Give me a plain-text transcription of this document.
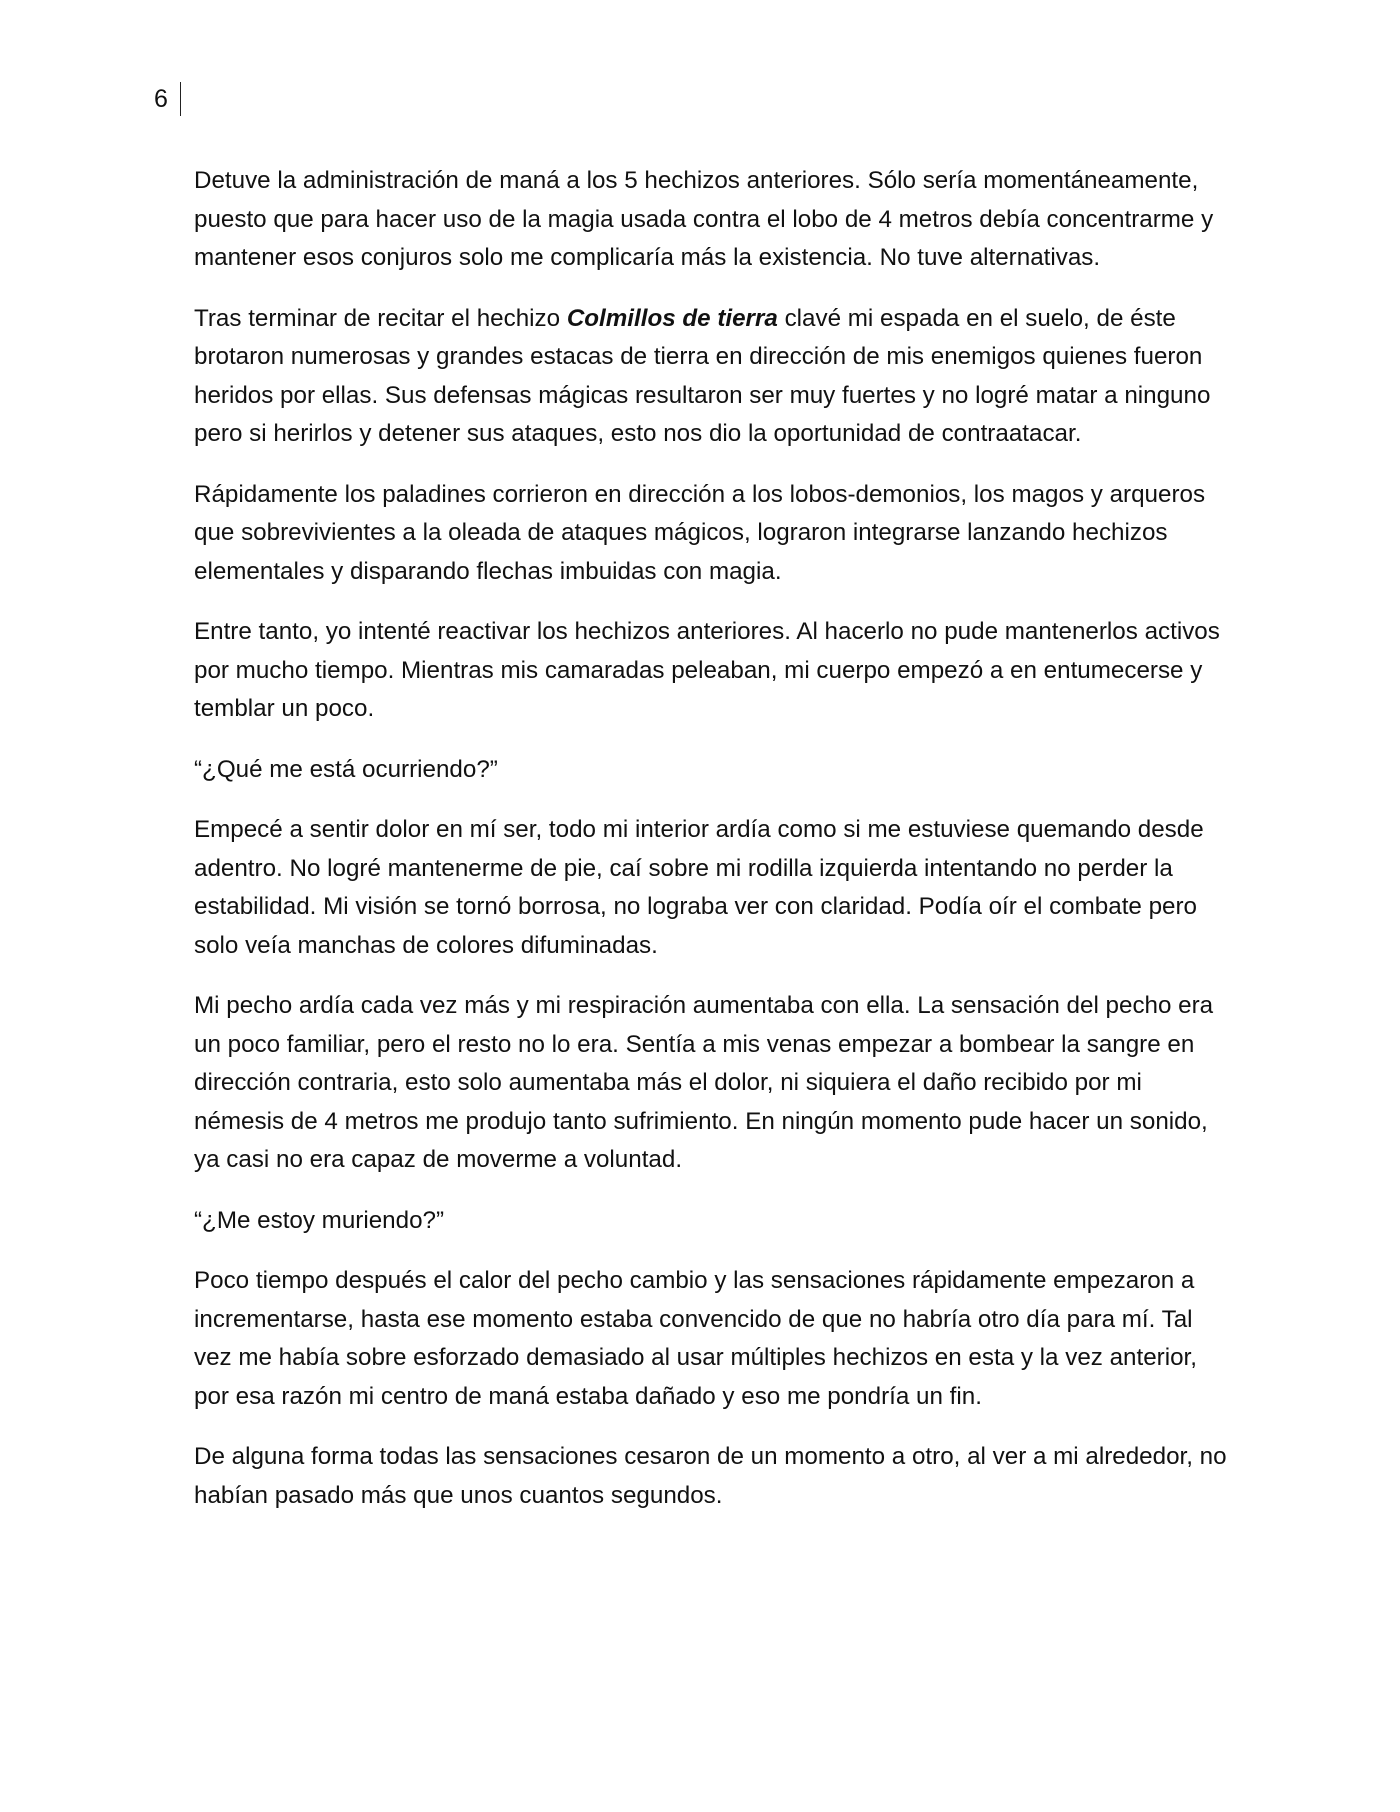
6

Detuve la administración de maná a los 5 hechizos anteriores. Sólo sería momentáneamente, puesto que para hacer uso de la magia usada contra el lobo de 4 metros debía concentrarme y mantener esos conjuros solo me complicaría más la existencia. No tuve alternativas.

Tras terminar de recitar el hechizo Colmillos de tierra clavé mi espada en el suelo, de éste brotaron numerosas y grandes estacas de tierra en dirección de mis enemigos quienes fueron heridos por ellas. Sus defensas mágicas resultaron ser muy fuertes y no logré matar a ninguno pero si herirlos y detener sus ataques, esto nos dio la oportunidad de contraatacar.

Rápidamente los paladines corrieron en dirección a los lobos-demonios, los magos y arqueros que sobrevivientes a la oleada de ataques mágicos, lograron integrarse lanzando hechizos elementales y disparando flechas imbuidas con magia.

Entre tanto, yo intenté reactivar los hechizos anteriores. Al hacerlo no pude mantenerlos activos por mucho tiempo. Mientras mis camaradas peleaban, mi cuerpo empezó a en entumecerse y temblar un poco.

“¿Qué me está ocurriendo?”

Empecé a sentir dolor en mí ser, todo mi interior ardía como si me estuviese quemando desde adentro. No logré mantenerme de pie, caí sobre mi rodilla izquierda intentando no perder la estabilidad. Mi visión se tornó borrosa, no lograba ver con claridad. Podía oír el combate pero solo veía manchas de colores difuminadas.

Mi pecho ardía cada vez más y mi respiración aumentaba con ella. La sensación del pecho era un poco familiar, pero el resto no lo era. Sentía a mis venas empezar a bombear la sangre en dirección contraria, esto solo aumentaba más el dolor, ni siquiera el daño recibido por mi némesis de 4 metros me produjo tanto sufrimiento. En ningún momento pude hacer un sonido, ya casi no era capaz de moverme a voluntad.

“¿Me estoy muriendo?”

Poco tiempo después el calor del pecho cambio y las sensaciones rápidamente empezaron a incrementarse, hasta ese momento estaba convencido de que no habría otro día para mí. Tal vez me había sobre esforzado demasiado al usar múltiples hechizos en esta y la vez anterior, por esa razón mi centro de maná estaba dañado y eso me pondría un fin.

De alguna forma todas las sensaciones cesaron de un momento a otro, al ver a mi alrededor, no habían pasado más que unos cuantos segundos.
